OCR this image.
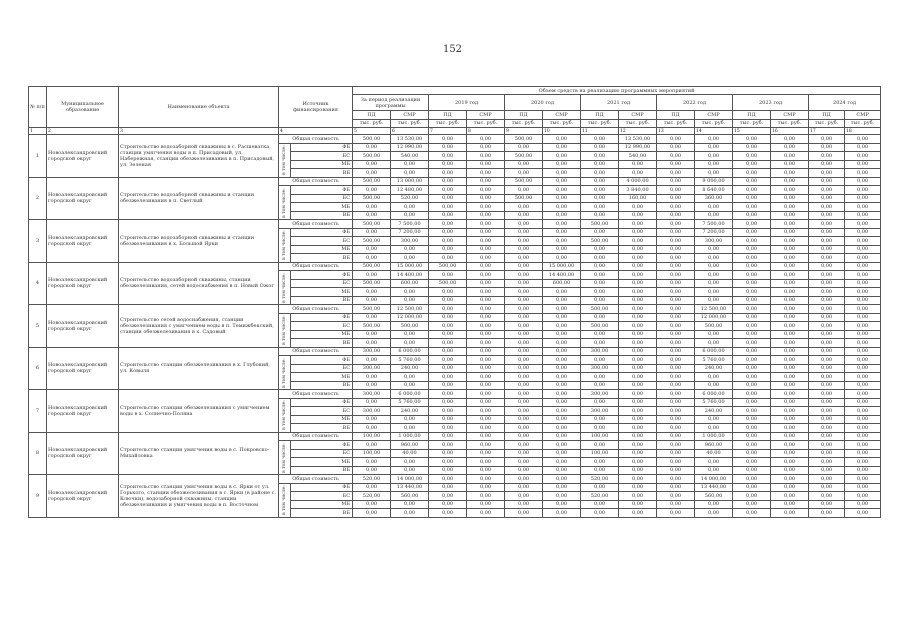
152
№ п/п	Муниципальное образование	Наименование объекта	Источник финансирования		Объем средств на реализацию программных мероприятий													
					За период реализации программы		2019 год		2020 год		2021 год		2022 год		2023 год		2024 год	
					ПД	СМР	ПД	СМР	ПД	СМР	ПД	СМР	ПД	СМР	ПД	СМР	ПД	СМР
					тыс. руб.	тыс. руб.	тыс. руб.	тыс. руб.	тыс. руб.	тыс. руб.	тыс. руб.	тыс. руб.	тыс. руб.	тыс. руб.	тыс. руб.	тыс. руб.	тыс. руб.	тыс. руб.
1	2	3	4		5	6	7	8	9	10	11	12	13	14	15	16	17	18
1	Новоалександровский городской округ	Строительство водозаборной скважины в с. Расшеватка, станции умягчения воды в п. Присадовый, ул. Набережная, станции обезжелезивания в п. Присадовый, ул. Зеленая	Общая стоимость		500,00	13 530,00	0,00	0,00	500,00	0,00	0,00	13 530,00	0,00	0,00	0,00	0,00	0,00	0,00

			в том числе:	ФБ	0,00	12 990,00	0,00	0,00	0,00	0,00	0,00	12 990,00	0,00	0,00	0,00	0,00	0,00	0,00
				БС	500,00	540,00	0,00	0,00	500,00	0,00	0,00	540,00	0,00	0,00	0,00	0,00	0,00	0,00
				МБ	0,00	0,00	0,00	0,00	0,00	0,00	0,00	0,00	0,00	0,00	0,00	0,00	0,00	0,00
				ВБ	0,00	0,00	0,00	0,00	0,00	0,00	0,00	0,00	0,00	0,00	0,00	0,00	0,00	0,00
2	Новоалександровский городской округ	Строительство водозаборной скважины и станции обезжелезивания в п. Светлый	Общая стоимость		500,00	13 000,00	0,00	0,00	500,00	0,00	0,00	4 000,00	0,00	9 000,00	0,00	0,00	0,00	0,00

			в том числе:	ФБ	0,00	12 480,00	0,00	0,00	0,00	0,00	0,00	3 840,00	0,00	8 640,00	0,00	0,00	0,00	0,00
				БС	500,00	520,00	0,00	0,00	500,00	0,00	0,00	160,00	0,00	360,00	0,00	0,00	0,00	0,00
				МБ	0,00	0,00	0,00	0,00	0,00	0,00	0,00	0,00	0,00	0,00	0,00	0,00	0,00	0,00
				ВБ	0,00	0,00	0,00	0,00	0,00	0,00	0,00	0,00	0,00	0,00	0,00	0,00	0,00	0,00
3	Новоалександровский городской округ	Строительство водозаборной скважины и станции обезжелезивания в х. Большой Ярки	Общая стоимость		500,00	7 500,00	0,00	0,00	0,00	0,00	500,00	0,00	0,00	7 500,00	0,00	0,00	0,00	0,00

			в том числе:	ФБ	0,00	7 200,00	0,00	0,00	0,00	0,00	0,00	0,00	0,00	7 200,00	0,00	0,00	0,00	0,00
				БС	500,00	300,00	0,00	0,00	0,00	0,00	500,00	0,00	0,00	300,00	0,00	0,00	0,00	0,00
				МБ	0,00	0,00	0,00	0,00	0,00	0,00	0,00	0,00	0,00	0,00	0,00	0,00	0,00	0,00
				ВБ	0,00	0,00	0,00	0,00	0,00	0,00	0,00	0,00	0,00	0,00	0,00	0,00	0,00	0,00
4	Новоалександровский городской округ	Строительство водозаборной скважины, станции обезжелезивания, сетей водоснабжения в п. Новый Ожог	Общая стоимость		500,00	15 000,00	500,00	0,00	0,00	15 000,00	0,00	0,00	0,00	0,00	0,00	0,00	0,00	0,00

			в том числе:	ФБ	0,00	14 400,00	0,00	0,00	0,00	14 400,00	0,00	0,00	0,00	0,00	0,00	0,00	0,00	0,00
				БС	500,00	600,00	500,00	0,00	0,00	600,00	0,00	0,00	0,00	0,00	0,00	0,00	0,00	0,00
				МБ	0,00	0,00	0,00	0,00	0,00	0,00	0,00	0,00	0,00	0,00	0,00	0,00	0,00	0,00
				ВБ	0,00	0,00	0,00	0,00	0,00	0,00	0,00	0,00	0,00	0,00	0,00	0,00	0,00	0,00
5	Новоалександровский городской округ	Строительство сетей водоснабжения, станции обезжелезивания с умягчением воды в п. Темижбекский, станции обезжелезивания в х. Садовый	Общая стоимость		500,00	12 500,00	0,00	0,00	0,00	0,00	500,00	0,00	0,00	12 500,00	0,00	0,00	0,00	0,00

			в том числе:	ФБ	0,00	12 000,00	0,00	0,00	0,00	0,00	0,00	0,00	0,00	12 000,00	0,00	0,00	0,00	0,00
				БС	500,00	500,00	0,00	0,00	0,00	0,00	500,00	0,00	0,00	500,00	0,00	0,00	0,00	0,00
				МБ	0,00	0,00	0,00	0,00	0,00	0,00	0,00	0,00	0,00	0,00	0,00	0,00	0,00	0,00
				ВБ	0,00	0,00	0,00	0,00	0,00	0,00	0,00	0,00	0,00	0,00	0,00	0,00	0,00	0,00
6	Новоалександровский городской округ	Строительство станции обезжелезивания в х. Глубокий, ул. Ковыля	Общая стоимость		300,00	6 000,00	0,00	0,00	0,00	0,00	300,00	0,00	0,00	6 000,00	0,00	0,00	0,00	0,00

			в том числе:	ФБ	0,00	5 760,00	0,00	0,00	0,00	0,00	0,00	0,00	0,00	5 760,00	0,00	0,00	0,00	0,00
				БС	300,00	240,00	0,00	0,00	0,00	0,00	300,00	0,00	0,00	240,00	0,00	0,00	0,00	0,00
				МБ	0,00	0,00	0,00	0,00	0,00	0,00	0,00	0,00	0,00	0,00	0,00	0,00	0,00	0,00
				ВБ	0,00	0,00	0,00	0,00	0,00	0,00	0,00	0,00	0,00	0,00	0,00	0,00	0,00	0,00
7	Новоалександровский городской округ	Строительство станции обезжелезивания с умягчением воды в х. Солнечно-Поляна	Общая стоимость		300,00	6 000,00	0,00	0,00	0,00	0,00	300,00	0,00	0,00	6 000,00	0,00	0,00	0,00	0,00

			в том числе:	ФБ	0,00	5 760,00	0,00	0,00	0,00	0,00	0,00	0,00	0,00	5 760,00	0,00	0,00	0,00	0,00
				БС	300,00	240,00	0,00	0,00	0,00	0,00	300,00	0,00	0,00	240,00	0,00	0,00	0,00	0,00
				МБ	0,00	0,00	0,00	0,00	0,00	0,00	0,00	0,00	0,00	0,00	0,00	0,00	0,00	0,00
				ВБ	0,00	0,00	0,00	0,00	0,00	0,00	0,00	0,00	0,00	0,00	0,00	0,00	0,00	0,00
8	Новоалександровский городской округ	Строительство станции умягчения воды в с. Покровско-Михайловка	Общая стоимость		100,00	1 000,00	0,00	0,00	0,00	0,00	100,00	0,00	0,00	1 000,00	0,00	0,00	0,00	0,00

			в том числе:	ФБ	0,00	960,00	0,00	0,00	0,00	0,00	0,00	0,00	0,00	960,00	0,00	0,00	0,00	0,00
				БС	100,00	40,00	0,00	0,00	0,00	0,00	100,00	0,00	0,00	40,00	0,00	0,00	0,00	0,00
				МБ	0,00	0,00	0,00	0,00	0,00	0,00	0,00	0,00	0,00	0,00	0,00	0,00	0,00	0,00
				ВБ	0,00	0,00	0,00	0,00	0,00	0,00	0,00	0,00	0,00	0,00	0,00	0,00	0,00	0,00
9	Новоалександровский городской округ	Строительство станции умягчения воды в с. Ярки от ул. Горького, станции обезжелезивания в с. Ярки (в районе с. Ключки), водозаборной скважины, станции обезжелезивания и умягчения воды в п. Восточном	Общая стоимость		520,00	14 000,00	0,00	0,00	0,00	0,00	520,00	0,00	0,00	14 000,00	0,00	0,00	0,00	0,00

			в том числе:	ФБ	0,00	13 440,00	0,00	0,00	0,00	0,00	0,00	0,00	0,00	13 440,00	0,00	0,00	0,00	0,00
				БС	520,00	560,00	0,00	0,00	0,00	0,00	520,00	0,00	0,00	560,00	0,00	0,00	0,00	0,00
				МБ	0,00	0,00	0,00	0,00	0,00	0,00	0,00	0,00	0,00	0,00	0,00	0,00	0,00	0,00
				ВБ	0,00	0,00	0,00	0,00	0,00	0,00	0,00	0,00	0,00	0,00	0,00	0,00	0,00	0,00
